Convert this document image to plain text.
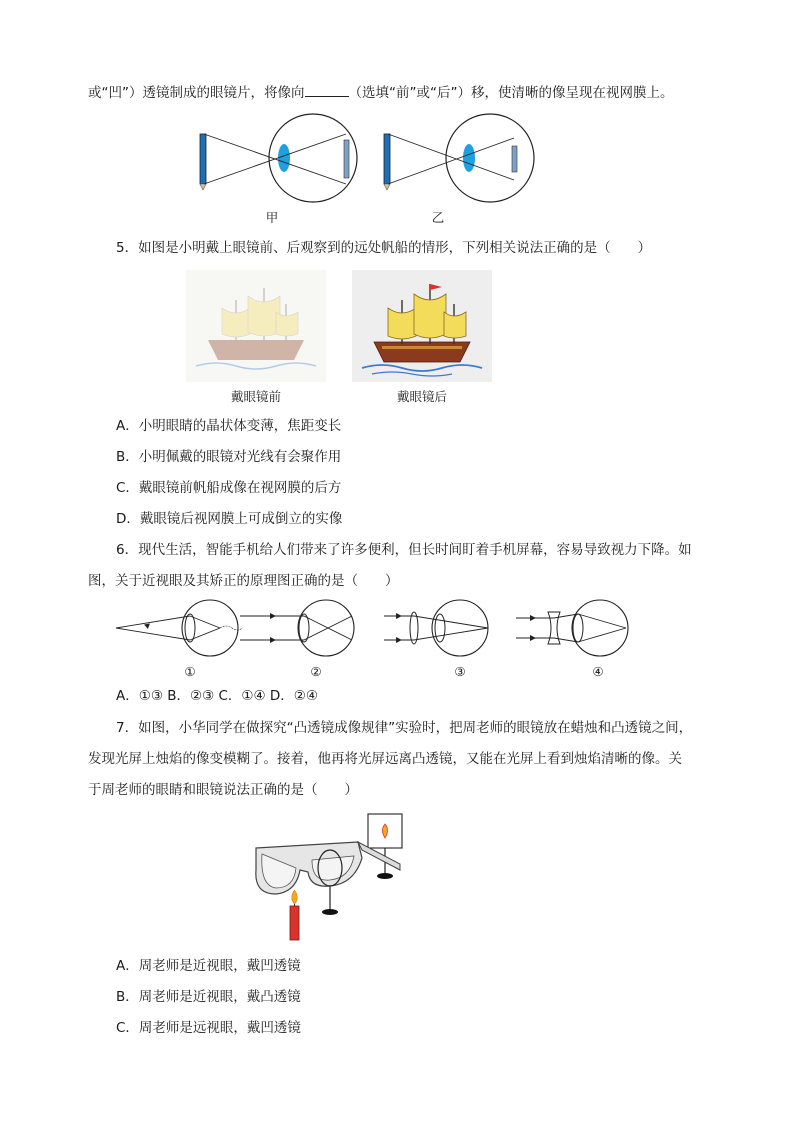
或“凹”）透镜制成的眼镜片，将像向	（选填“前”或“后”）移，使清晰的像呈现在视网膜上。
甲	乙
5．如图是小明戴上眼镜前、后观察到的远处帆船的情形，下列相关说法正确的是（　　）
戴眼镜前	戴眼镜后
A．小明眼睛的晶状体变薄，焦距变长
B．小明佩戴的眼镜对光线有会聚作用
C．戴眼镜前帆船成像在视网膜的后方
D．戴眼镜后视网膜上可成倒立的实像
6．现代生活，智能手机给人们带来了许多便利，但长时间盯着手机屏幕，容易导致视力下降。如
图，关于近视眼及其矫正的原理图正确的是（　　）
①	②	③	④
A．①③ B．②③ C．①④ D．②④
7．如图，小华同学在做探究“凸透镜成像规律”实验时，把周老师的眼镜放在蜡烛和凸透镜之间，
发现光屏上烛焰的像变模糊了。接着，他再将光屏远离凸透镜，又能在光屏上看到烛焰清晰的像。关
于周老师的眼睛和眼镜说法正确的是（　　）
A．周老师是近视眼，戴凹透镜
B．周老师是近视眼，戴凸透镜
C．周老师是远视眼，戴凹透镜
